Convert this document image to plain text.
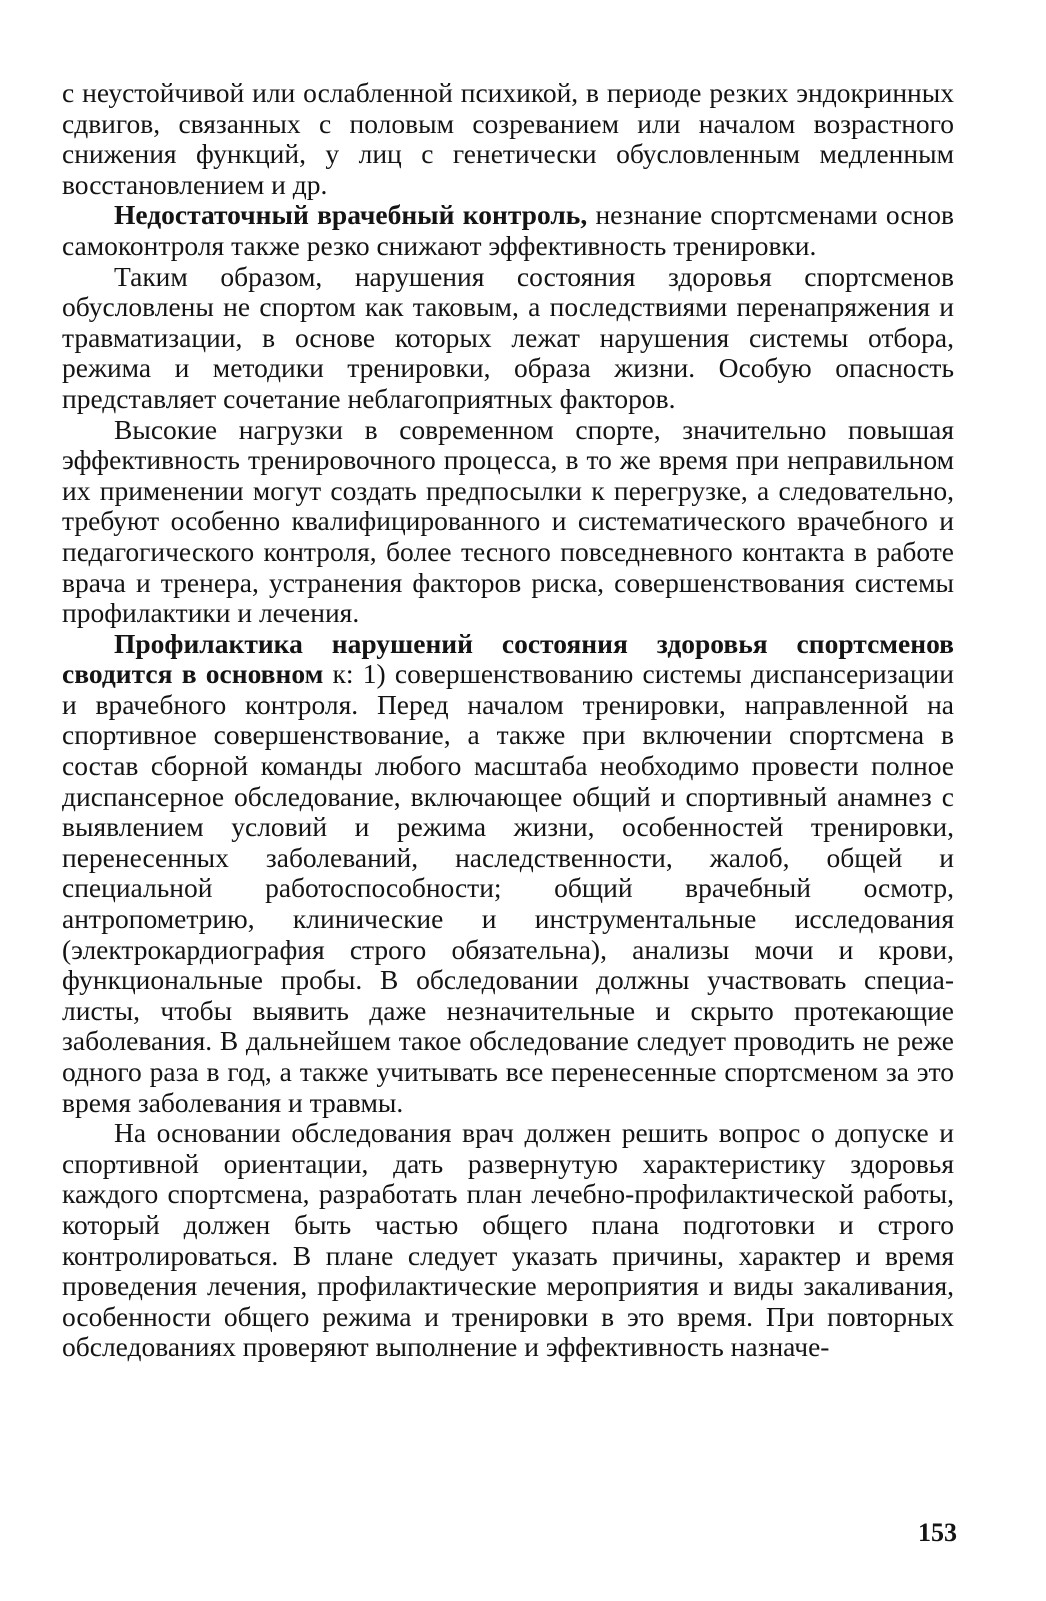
с неустойчивой или ослабленной психикой, в периоде резких эндокринных сдвигов, связанных с половым созреванием или началом возрастного снижения функций, у лиц с генетически обусловленным медленным восстановлением и др.

Недостаточный врачебный контроль, незнание спортсменами основ самоконтроля также резко снижают эффективность тренировки.

Таким образом, нарушения состояния здоровья спортсменов обусловлены не спортом как таковым, а последствиями перенапряжения и травматизации, в основе которых лежат нарушения системы отбора, режима и методики тренировки, образа жизни. Особую опасность представляет сочетание неблагоприятных факторов.

Высокие нагрузки в современном спорте, значительно повышая эффективность тренировочного процесса, в то же время при неправильном их применении могут создать предпосылки к перегрузке, а следовательно, требуют особенно квалифицированного и систематического врачебного и педагогического контроля, более тесного повседневного контакта в работе врача и тренера, устранения факторов риска, совершенствования системы профилактики и лечения.

Профилактика нарушений состояния здоровья спортсменов сводится в основном к: 1) совершенствованию системы диспансеризации и врачебного контроля. Перед началом тренировки, направленной на спортивное совершенствование, а также при включении спортсмена в состав сборной команды любого масштаба необходимо провести полное диспансерное обследование, включающее общий и спортивный анамнез с выявлением условий и режима жизни, особенностей тренировки, перенесенных заболеваний, наследственности, жалоб, общей и специальной работоспособности; общий врачебный осмотр, антропометрию, клинические и инструментальные исследования (электрокардиография строго обязательна), анализы мочи и крови, функциональные пробы. В обследовании должны участвовать специалисты, чтобы выявить даже незначительные и скрыто протекающие заболевания. В дальнейшем такое обследование следует проводить не реже одного раза в год, а также учитывать все перенесенные спортсменом за это время заболевания и травмы.

На основании обследования врач должен решить вопрос о допуске и спортивной ориентации, дать развернутую характеристику здоровья каждого спортсмена, разработать план лечебно-профилактической работы, который должен быть частью общего плана подготовки и строго контролироваться. В плане следует указать причины, характер и время проведения лечения, профилактические мероприятия и виды закаливания, особенности общего режима и тренировки в это время. При повторных обследованиях проверяют выполнение и эффективность назначе-

153
